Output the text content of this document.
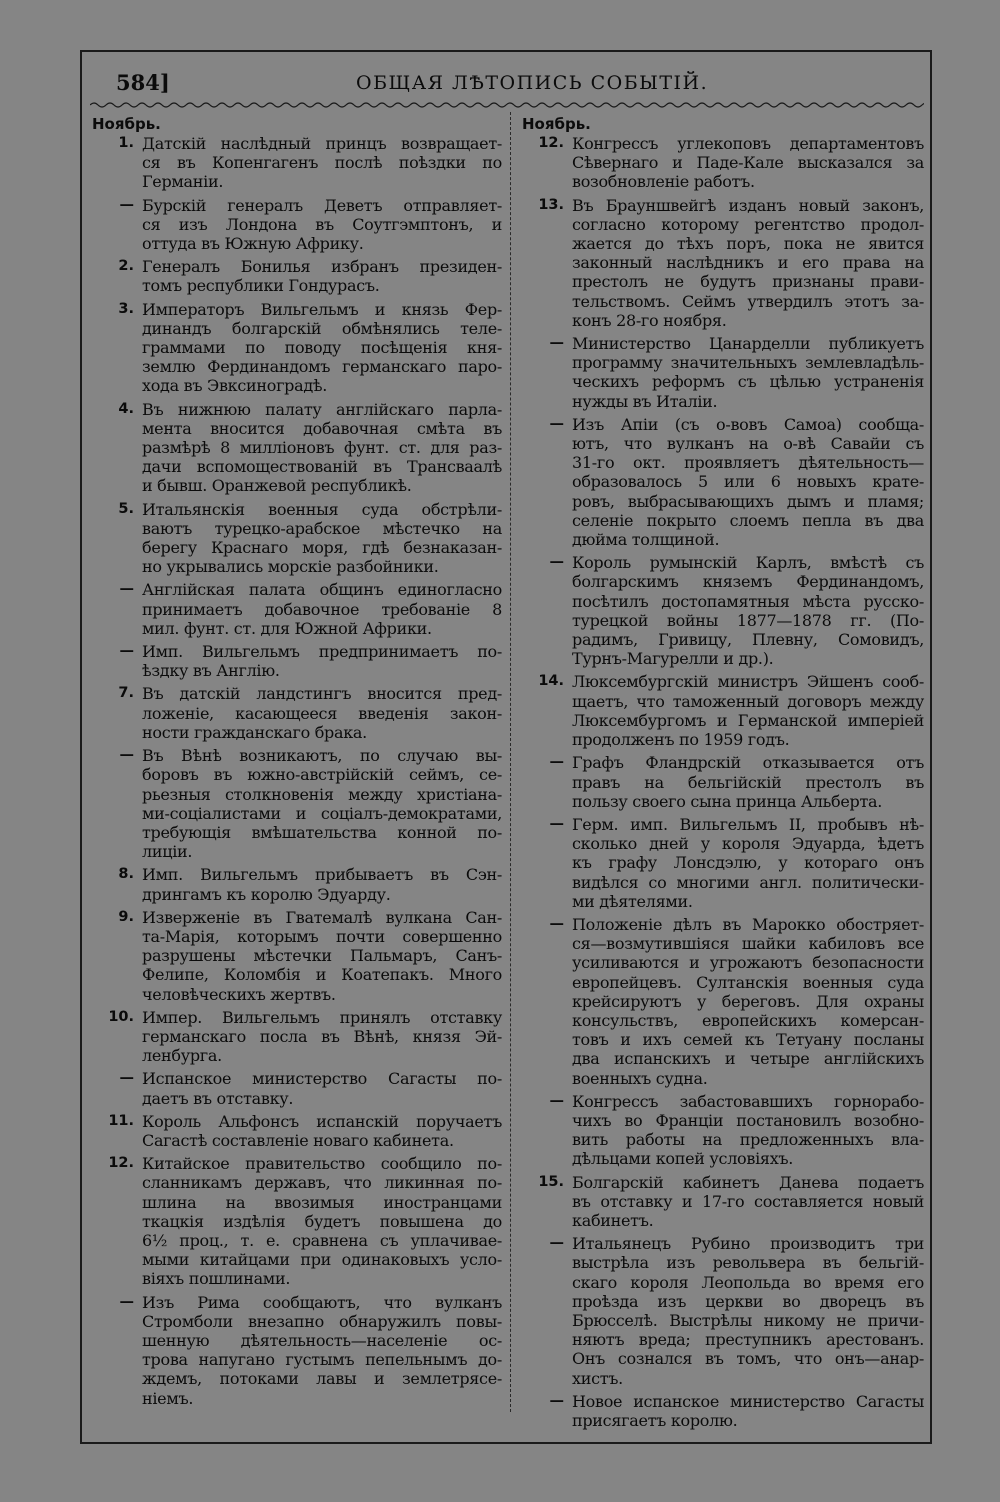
584]	ОБЩАЯ ЛѢТОПИСЬ СОБЫТІЙ.
Ноябрь.
1. Датскій наслѣдный принцъ возвращает-
ся въ Копенгагенъ послѣ поѣздки по
Германіи.
— Бурскій генералъ Деветъ отправляет-
ся изъ Лондона въ Соутгэмптонъ, и
оттуда въ Южную Африку.
2. Генералъ Бонилья избранъ президен-
томъ республики Гондурасъ.
3. Императоръ Вильгельмъ и князь Фер-
динандъ болгарскій обмѣнялись теле-
граммами по поводу посѣщенія кня-
землю Фердинандомъ германскаго паро-
хода въ Эвксиноградѣ.
4. Въ нижнюю палату англійскаго парла-
мента вносится добавочная смѣта въ
размѣрѣ 8 милліоновъ фунт. ст. для раз-
дачи вспомоществованій въ Трансваалѣ
и бывш. Оранжевой республикѣ.
5. Итальянскія военныя суда обстрѣли-
ваютъ турецко-арабское мѣстечко на
берегу Краснаго моря, гдѣ безнаказан-
но укрывались морскіе разбойники.
— Англійская палата общинъ единогласно
принимаетъ добавочное требованіе 8
мил. фунт. ст. для Южной Африки.
— Имп. Вильгельмъ предпринимаетъ по-
ѣздку въ Англію.
7. Въ датскій ландстингъ вносится пред-
ложеніе, касающееся введенія закон-
ности гражданскаго брака.
— Въ Вѣнѣ возникаютъ, по случаю вы-
боровъ въ южно-австрійскій сеймъ, се-
рьезныя столкновенія между христіана-
ми-соціалистами и соціалъ-демократами,
требующія вмѣшательства конной по-
лиціи.
8. Имп. Вильгельмъ прибываетъ въ Сэн-
дрингамъ къ королю Эдуарду.
9. Изверженіе въ Гватемалѣ вулкана Сан-
та-Марія, которымъ почти совершенно
разрушены мѣстечки Пальмаръ, Санъ-
Фелипе, Коломбія и Коатепакъ. Много
человѣческихъ жертвъ.
10. Импер. Вильгельмъ принялъ отставку
германскаго посла въ Вѣнѣ, князя Эй-
ленбурга.
— Испанское министерство Сагасты по-
даетъ въ отставку.
11. Король Альфонсъ испанскій поручаетъ
Сагастѣ составленіе новаго кабинета.
12. Китайское правительство сообщило по-
сланникамъ державъ, что ликинная по-
шлина на ввозимыя иностранцами
ткацкія издѣлія будетъ повышена до
6½ проц., т. е. сравнена съ уплачивае-
мыми китайцами при одинаковыхъ усло-
віяхъ пошлинами.
— Изъ Рима сообщаютъ, что вулканъ
Стромболи внезапно обнаружилъ повы-
шенную дѣятельность—населеніе ос-
трова напугано густымъ пепельнымъ до-
ждемъ, потоками лавы и землетрясе-
ніемъ.
Ноябрь.
12. Конгрессъ углекоповъ департаментовъ
Сѣвернаго и Паде-Кале высказался за
возобновленіе работъ.
13. Въ Брауншвейгѣ изданъ новый законъ,
согласно которому регентство продол-
жается до тѣхъ поръ, пока не явится
законный наслѣдникъ и его права на
престолъ не будутъ признаны прави-
тельствомъ. Сеймъ утвердилъ этотъ за-
конъ 28-го ноября.
— Министерство Цанарделли публикуетъ
программу значительныхъ землевладѣль-
ческихъ реформъ съ цѣлью устраненія
нужды въ Италіи.
— Изъ Апіи (съ о-вовъ Самоа) сообща-
ютъ, что вулканъ на о-вѣ Савайи съ
31-го окт. проявляетъ дѣятельность—
образовалось 5 или 6 новыхъ крате-
ровъ, выбрасывающихъ дымъ и пламя;
селеніе покрыто слоемъ пепла въ два
дюйма толщиной.
— Король румынскій Карлъ, вмѣстѣ съ
болгарскимъ княземъ Фердинандомъ,
посѣтилъ достопамятныя мѣста русско-
турецкой войны 1877—1878 гг. (По-
радимъ, Гривицу, Плевну, Сомовидъ,
Турнъ-Магурелли и др.).
14. Люксембургскій министръ Эйшенъ сооб-
щаетъ, что таможенный договоръ между
Люксембургомъ и Германской имперіей
продолженъ по 1959 годъ.
— Графъ Фландрскій отказывается отъ
правъ на бельгійскій престолъ въ
пользу своего сына принца Альберта.
— Герм. имп. Вильгельмъ II, пробывъ нѣ-
сколько дней у короля Эдуарда, ѣдетъ
къ графу Лонсдэлю, у котораго онъ
видѣлся со многими англ. политически-
ми дѣятелями.
— Положеніе дѣлъ въ Марокко обостряет-
ся—возмутившіяся шайки кабиловъ все
усиливаются и угрожаютъ безопасности
европейцевъ. Султанскія военныя суда
крейсируютъ у береговъ. Для охраны
консульствъ, европейскихъ комерсан-
товъ и ихъ семей къ Тетуану посланы
два испанскихъ и четыре англійскихъ
военныхъ судна.
— Конгрессъ забастовавшихъ горнорабо-
чихъ во Франціи постановилъ возобно-
вить работы на предложенныхъ вла-
дѣльцами копей условіяхъ.
15. Болгарскій кабинетъ Данева подаетъ
въ отставку и 17-го составляется новый
кабинетъ.
— Итальянецъ Рубино производитъ три
выстрѣла изъ револьвера въ бельгій-
скаго короля Леопольда во время его
проѣзда изъ церкви во дворецъ въ
Брюсселѣ. Выстрѣлы никому не причи-
няютъ вреда; преступникъ арестованъ.
Онъ сознался въ томъ, что онъ—анар-
хистъ.
— Новое испанское министерство Сагасты
присягаетъ королю.
